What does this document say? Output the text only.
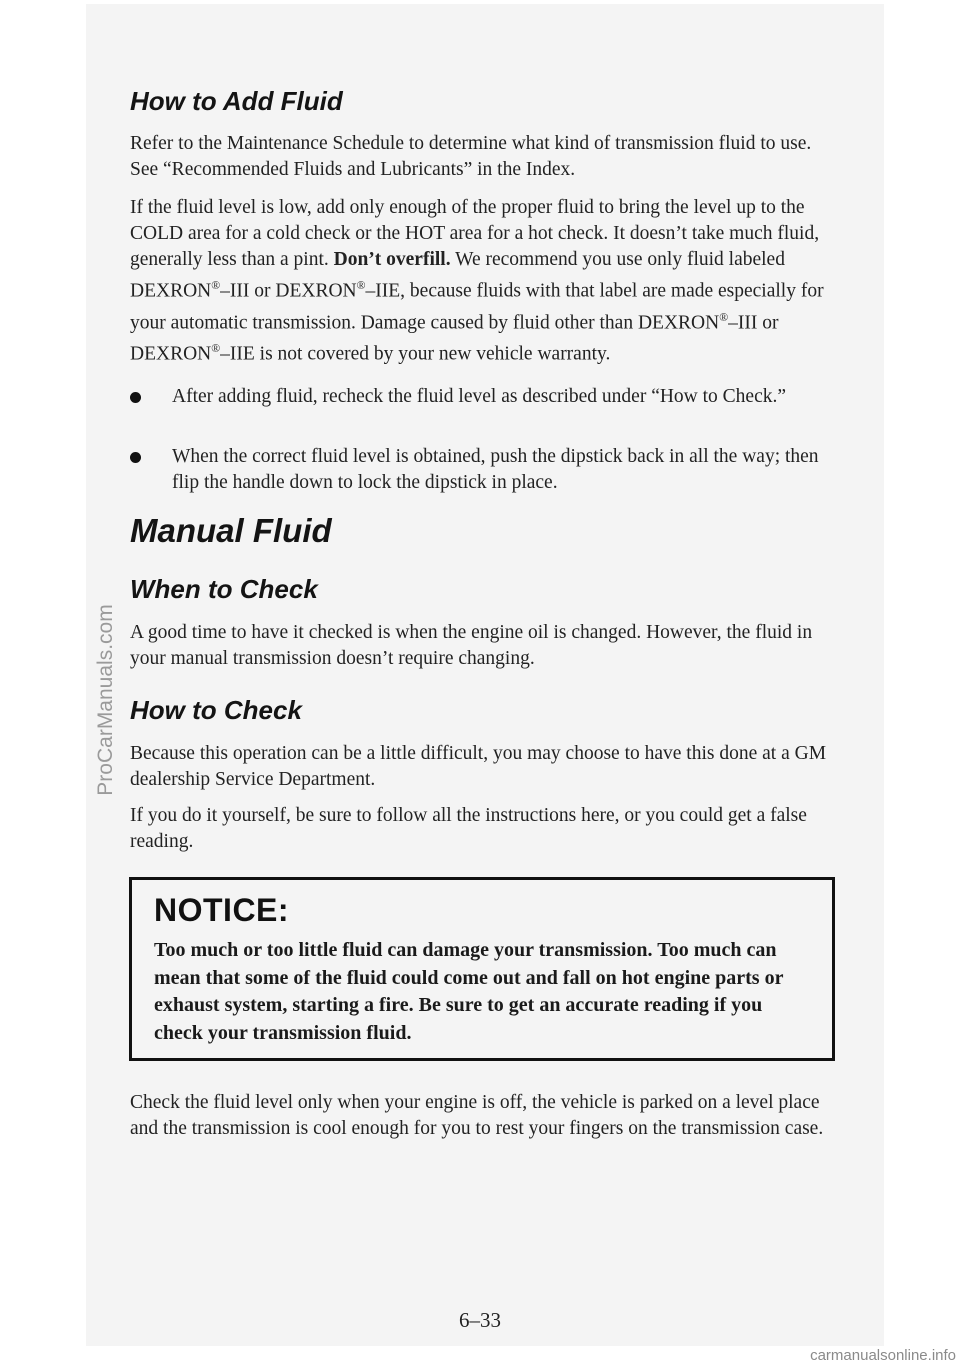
How to Add Fluid

Refer to the Maintenance Schedule to determine what kind of transmission fluid to use. See “Recommended Fluids and Lubricants” in the Index.

If the fluid level is low, add only enough of the proper fluid to bring the level up to the COLD area for a cold check or the HOT area for a hot check. It doesn’t take much fluid, generally less than a pint. Don’t overfill. We recommend you use only fluid labeled DEXRON®–III or DEXRON®–IIE, because fluids with that label are made especially for your automatic transmission. Damage caused by fluid other than DEXRON®–III or DEXRON®–IIE is not covered by your new vehicle warranty.

After adding fluid, recheck the fluid level as described under “How to Check.”

When the correct fluid level is obtained, push the dipstick back in all the way; then flip the handle down to lock the dipstick in place.

Manual Fluid
When to Check

A good time to have it checked is when the engine oil is changed. However, the fluid in your manual transmission doesn’t require changing.

How to Check

Because this operation can be a little difficult, you may choose to have this done at a GM dealership Service Department.

If you do it yourself, be sure to follow all the instructions here, or you could get a false reading.

NOTICE:

Too much or too little fluid can damage your transmission. Too much can mean that some of the fluid could come out and fall on hot engine parts or exhaust system, starting a fire. Be sure to get an accurate reading if you check your transmission fluid.

Check the fluid level only when your engine is off, the vehicle is parked on a level place and the transmission is cool enough for you to rest your fingers on the transmission case.

6–33
ProCarManuals.com
carmanualsonline.info
